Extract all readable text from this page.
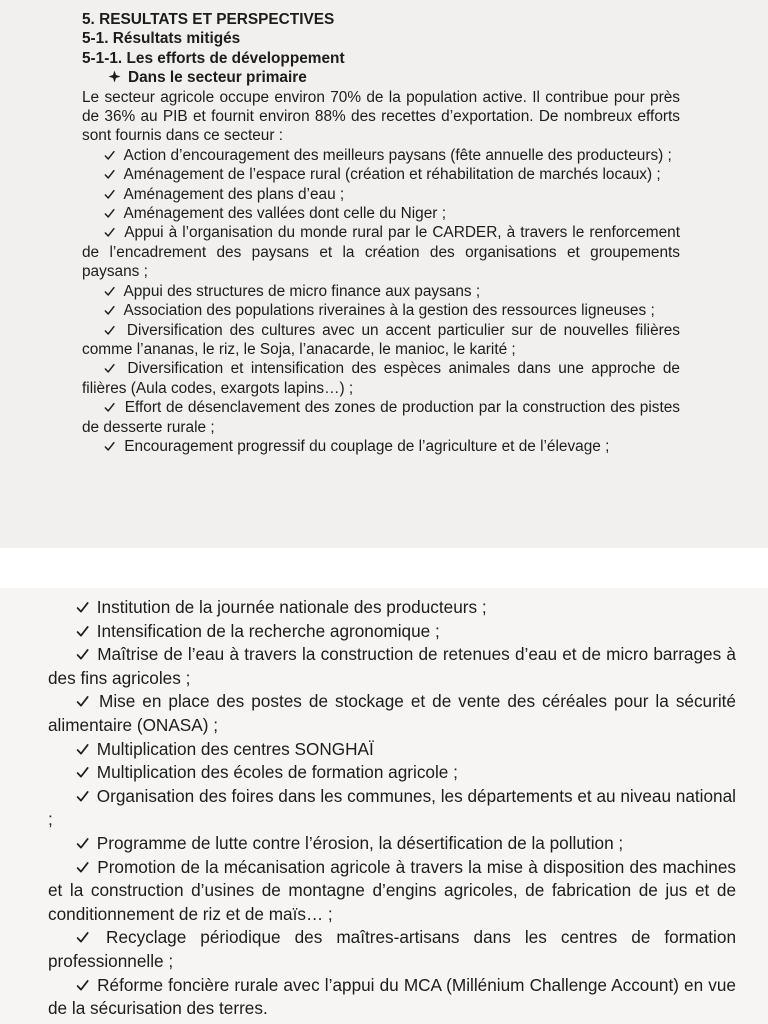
5. RESULTATS ET PERSPECTIVES

5-1. Résultats mitigés

5-1-1. Les efforts de développement

Dans le secteur primaire

Le secteur agricole occupe environ 70% de la population active. Il contribue pour près de 36% au PIB et fournit environ 88% des recettes d’exportation. De nombreux efforts sont fournis dans ce secteur :

Action d’encouragement des meilleurs paysans (fête annuelle des producteurs) ;

Aménagement de l’espace rural (création et réhabilitation de marchés locaux) ;

Aménagement des plans d’eau ;

Aménagement des vallées dont celle du Niger ;

Appui à l’organisation du monde rural par le CARDER, à travers le renforcement de l’encadrement des paysans et la création des organisations et groupements paysans ;

Appui des structures de micro finance aux paysans ;

Association des populations riveraines à la gestion des ressources ligneuses ;

Diversification des cultures avec un accent particulier sur de nouvelles filières comme l’ananas, le riz, le Soja, l’anacarde, le manioc, le karité ;

Diversification et intensification des espèces animales dans une approche de filières (Aula codes, exargots lapins…) ;

Effort de désenclavement des zones de production par la construction des pistes de desserte rurale ;

Encouragement progressif du couplage de l’agriculture et de l’élevage ;

Institution de la journée nationale des producteurs ;

Intensification de la recherche agronomique ;

Maîtrise de l’eau à travers la construction de retenues d’eau et de micro barrages à des fins agricoles ;

Mise en place des postes de stockage et de vente des céréales pour la sécurité alimentaire (ONASA) ;

Multiplication des centres SONGHAÏ

Multiplication des écoles de formation agricole ;

Organisation des foires dans les communes, les départements et au niveau national ;

Programme de lutte contre l’érosion, la désertification de la pollution ;

Promotion de la mécanisation agricole à travers la mise à disposition des machines et la construction d’usines de montagne d’engins agricoles, de fabrication de jus et de conditionnement de riz et de maïs… ;

Recyclage périodique des maîtres-artisans dans les centres de formation professionnelle ;

Réforme foncière rurale avec l’appui du MCA (Millénium Challenge Account) en vue de la sécurisation des terres.
